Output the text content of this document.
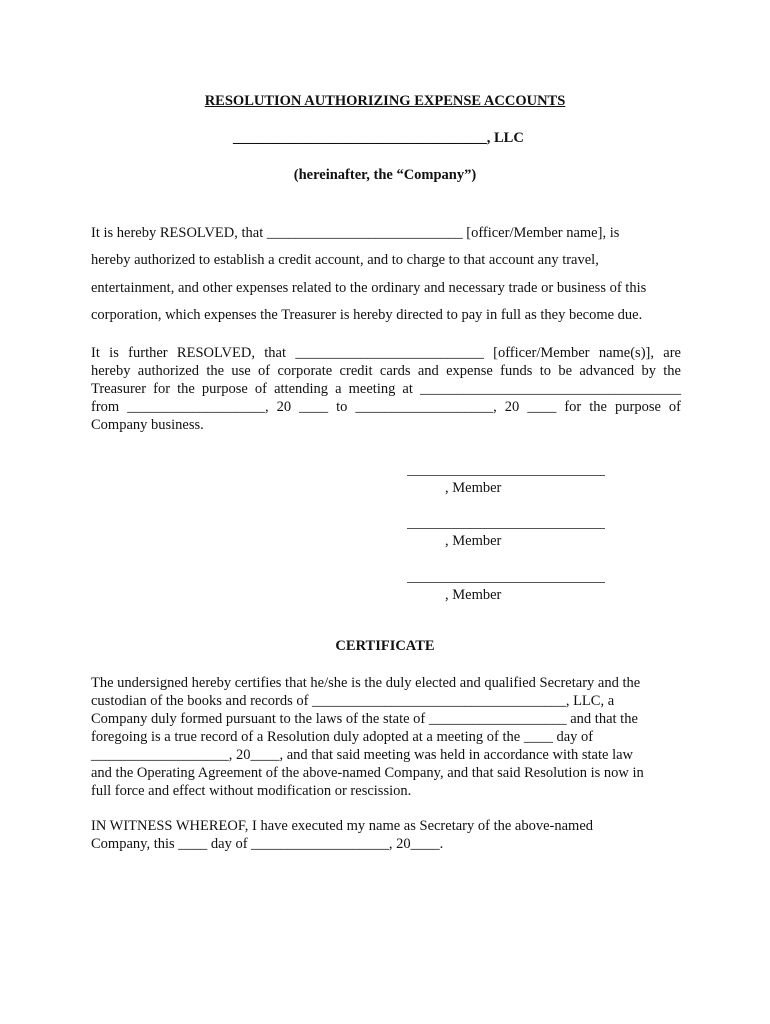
RESOLUTION AUTHORIZING EXPENSE ACCOUNTS
___________________________________, LLC
(hereinafter, the “Company”)
It is hereby RESOLVED, that ___________________________ [officer/Member name], is
hereby authorized to establish a credit account, and to charge to that account any travel,
entertainment, and other expenses related to the ordinary and necessary trade or business of this
corporation, which expenses the Treasurer is hereby directed to pay in full as they become due.
It is further RESOLVED, that __________________________ [officer/Member name(s)], are
hereby authorized the use of corporate credit cards and expense funds to be advanced by the
Treasurer for the purpose of attending a meeting at ____________________________________
from ___________________, 20 ____ to ___________________, 20 ____ for the purpose of
Company business.
, Member
, Member
, Member
CERTIFICATE
The undersigned hereby certifies that he/she is the duly elected and qualified Secretary and the
custodian of the books and records of ___________________________________, LLC, a
Company duly formed pursuant to the laws of the state of ___________________ and that the
foregoing is a true record of a Resolution duly adopted at a meeting of the ____ day of
___________________, 20____, and that said meeting was held in accordance with state law
and the Operating Agreement of the above-named Company, and that said Resolution is now in
full force and effect without modification or rescission.
IN WITNESS WHEREOF, I have executed my name as Secretary of the above-named
Company, this ____ day of ___________________, 20____.
